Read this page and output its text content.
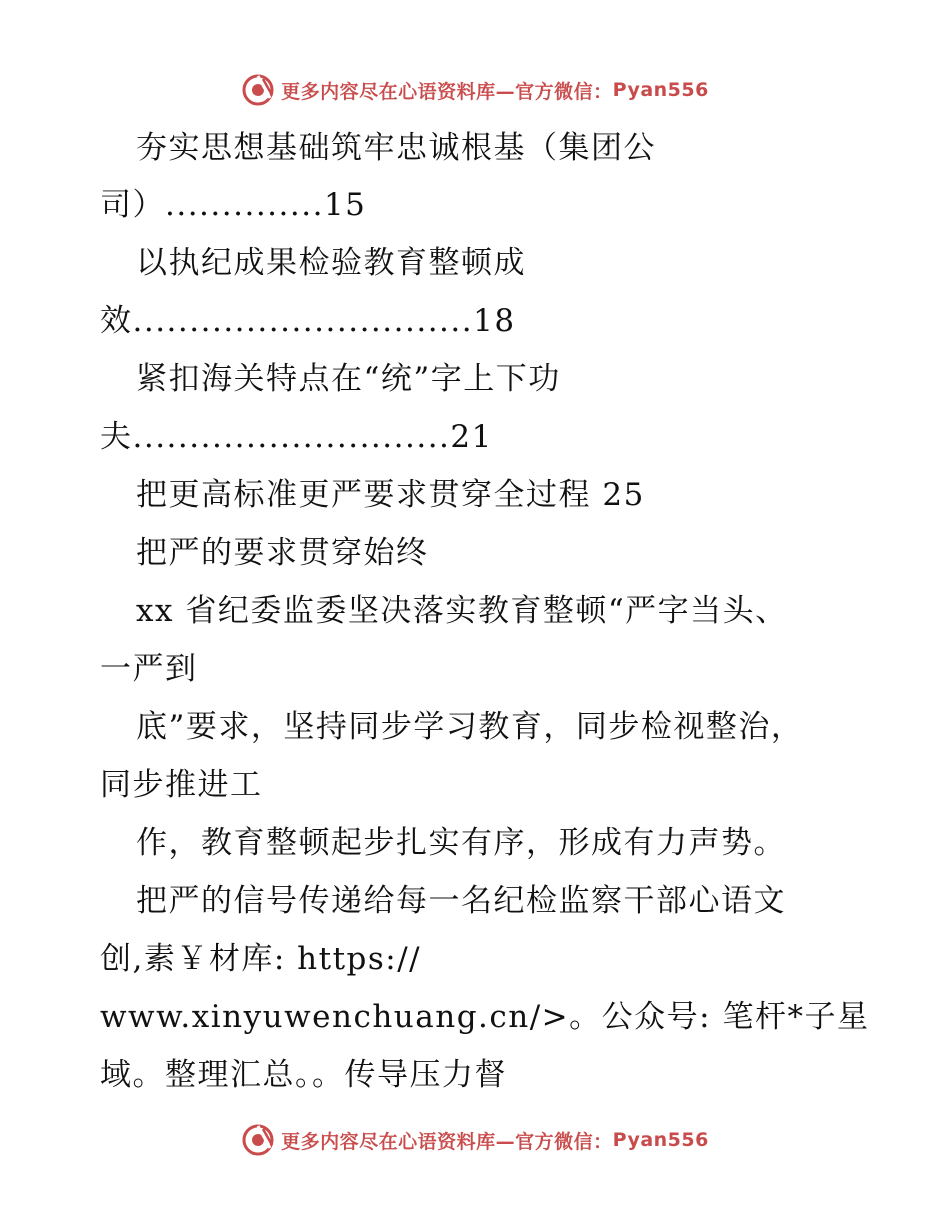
更多内容尽在心语资料库—官方微信： Pyan556
夯实思想基础筑牢忠诚根基（集团公
司）..............15
以执纪成果检验教育整顿成
效..............................18
紧扣海关特点在“统”字上下功
夫............................21
把更高标准更严要求贯穿全过程 25
把严的要求贯穿始终
xx 省纪委监委坚决落实教育整顿“严字当头、
一严到
底”要求，坚持同步学习教育，同步检视整治，
同步推进工
作，教育整顿起步扎实有序，形成有力声势。
把严的信号传递给每一名纪检监察干部心语文
创,素￥材库: https://
www.xinyuwenchuang.cn/>。公众号: 笔杆*子星
域。整理汇总。。传导压力督
更多内容尽在心语资料库—官方微信： Pyan556
